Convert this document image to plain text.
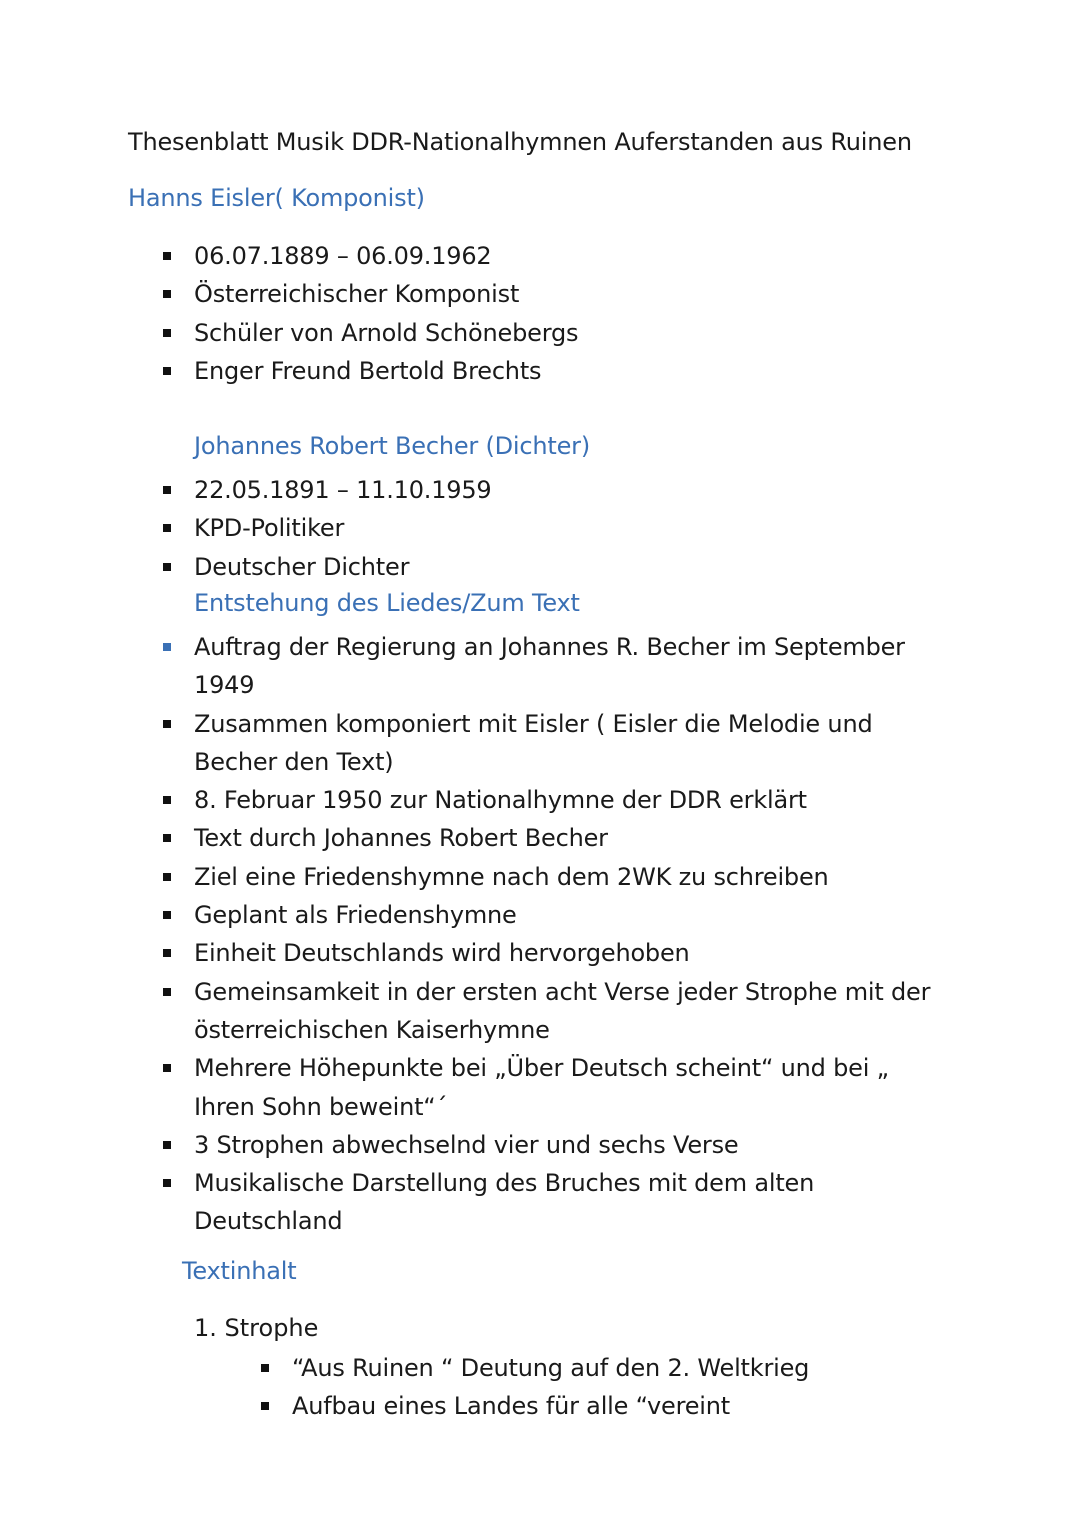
Thesenblatt Musik DDR-Nationalhymnen Auferstanden aus Ruinen
Hanns Eisler( Komponist)
06.07.1889 – 06.09.1962
Österreichischer Komponist
Schüler von Arnold Schönebergs
Enger Freund Bertold Brechts
Johannes Robert Becher (Dichter)
22.05.1891 – 11.10.1959
KPD-Politiker
Deutscher Dichter
Entstehung des Liedes/Zum Text
Auftrag der Regierung an Johannes R. Becher im September 1949
Zusammen komponiert mit Eisler ( Eisler die Melodie und Becher den Text)
8. Februar 1950 zur Nationalhymne der DDR erklärt
Text durch Johannes Robert Becher
Ziel eine Friedenshymne nach dem 2WK zu schreiben
Geplant als Friedenshymne
Einheit Deutschlands wird hervorgehoben
Gemeinsamkeit in der ersten acht Verse jeder Strophe mit der österreichischen Kaiserhymne
Mehrere Höhepunkte bei „Über Deutsch scheint“ und bei „ Ihren Sohn beweint“´
3 Strophen abwechselnd vier und sechs Verse
Musikalische Darstellung des Bruches mit dem alten Deutschland
Textinhalt
1. Strophe
“Aus Ruinen “ Deutung auf den 2. Weltkrieg
Aufbau eines Landes für alle “vereint
